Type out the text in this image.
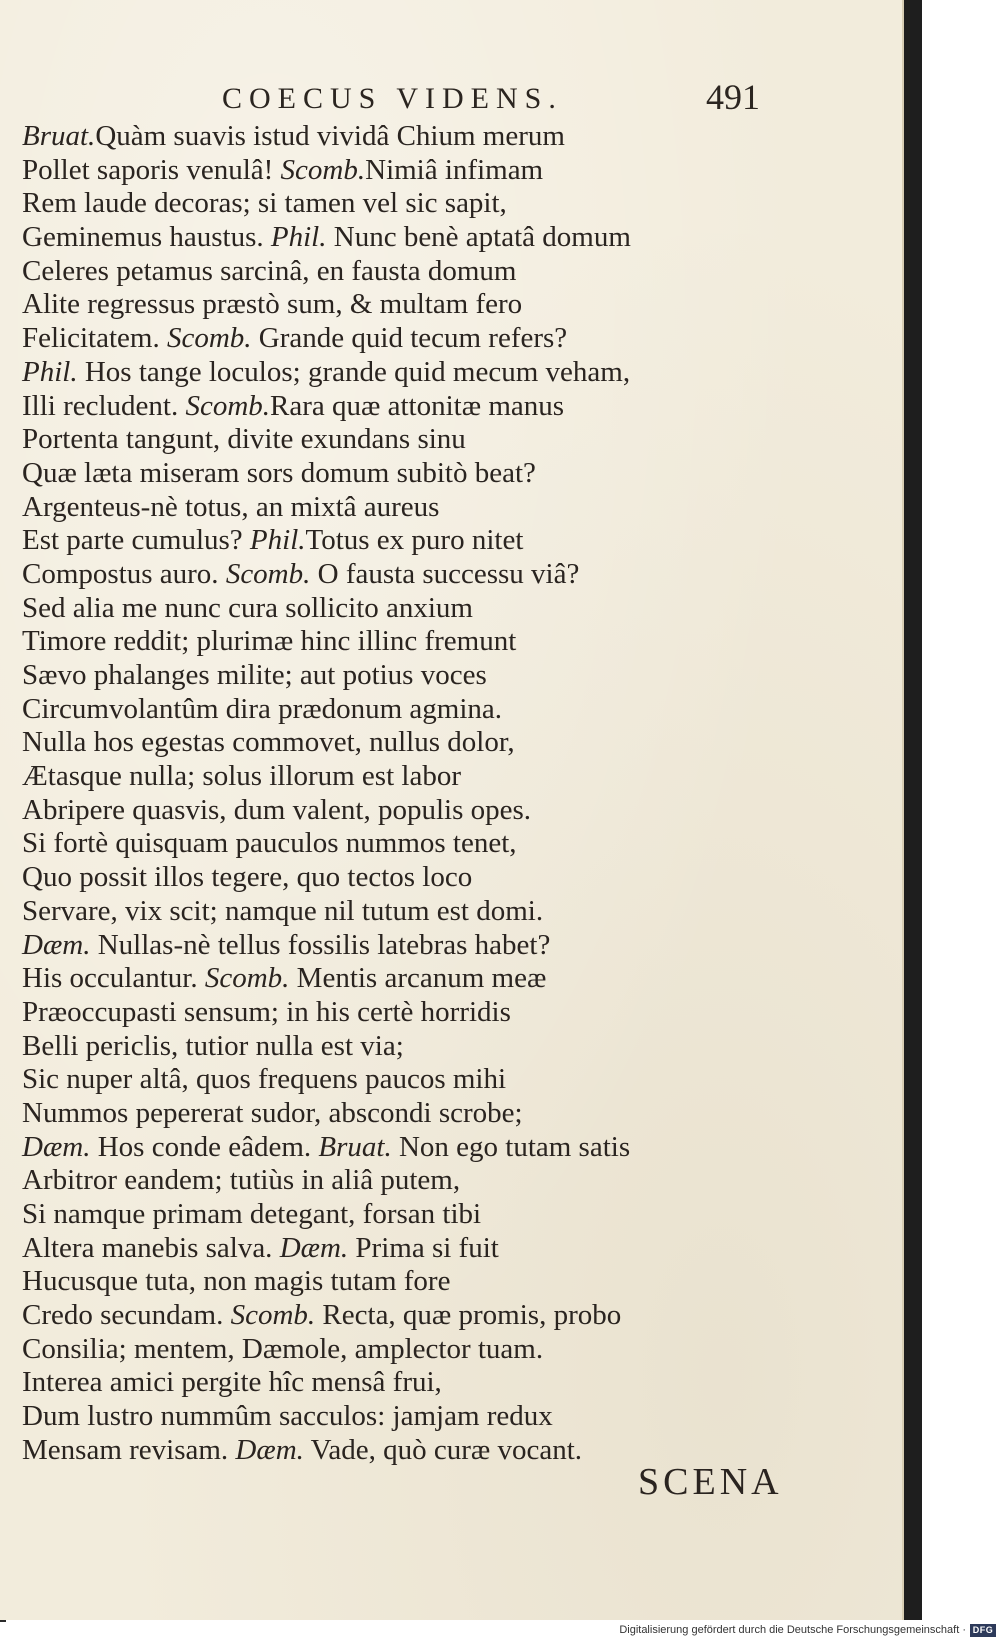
COECUS VIDENS.	491
Bruat.Quàm suavis istud vividâ Chium merum
Pollet saporis venulâ! Scomb.Nimiâ infimam
Rem laude decoras; si tamen vel sic sapit,
Geminemus haustus. Phil. Nunc benè aptatâ domum
Celeres petamus sarcinâ, en fausta domum
Alite regressus præstò sum, & multam fero
Felicitatem. Scomb. Grande quid tecum refers?
Phil. Hos tange loculos; grande quid mecum veham,
Illi recludent. Scomb.Rara quæ attonitæ manus
Portenta tangunt, divite exundans sinu
Quæ læta miseram sors domum subitò beat?
Argenteus-nè totus, an mixtâ aureus
Est parte cumulus? Phil.Totus ex puro nitet
Compostus auro. Scomb. O fausta successu viâ?
Sed alia me nunc cura sollicito anxium
Timore reddit; plurimæ hinc illinc fremunt
Sævo phalanges milite; aut potius voces
Circumvolantûm dira prædonum agmina.
Nulla hos egestas commovet, nullus dolor,
Ætasque nulla; solus illorum est labor
Abripere quasvis, dum valent, populis opes.
Si fortè quisquam pauculos nummos tenet,
Quo possit illos tegere, quo tectos loco
Servare, vix scit; namque nil tutum est domi.
Dæm. Nullas-nè tellus fossilis latebras habet?
His occulantur. Scomb. Mentis arcanum meæ
Præoccupasti sensum; in his certè horridis
Belli periclis, tutior nulla est via;
Sic nuper altâ, quos frequens paucos mihi
Nummos pepererat sudor, abscondi scrobe;
Dæm. Hos conde eâdem. Bruat. Non ego tutam satis
Arbitror eandem; tutiùs in aliâ putem,
Si namque primam detegant, forsan tibi
Altera manebis salva. Dæm. Prima si fuit
Hucusque tuta, non magis tutam fore
Credo secundam. Scomb. Recta, quæ promis, probo
Consilia; mentem, Dæmole, amplector tuam.
Interea amici pergite hîc mensâ frui,
Dum lustro nummûm sacculos: jamjam redux
Mensam revisam. Dæm. Vade, quò curæ vocant.
SCENA
Digitalisierung gefördert durch die Deutsche Forschungsgemeinschaft · DFG
